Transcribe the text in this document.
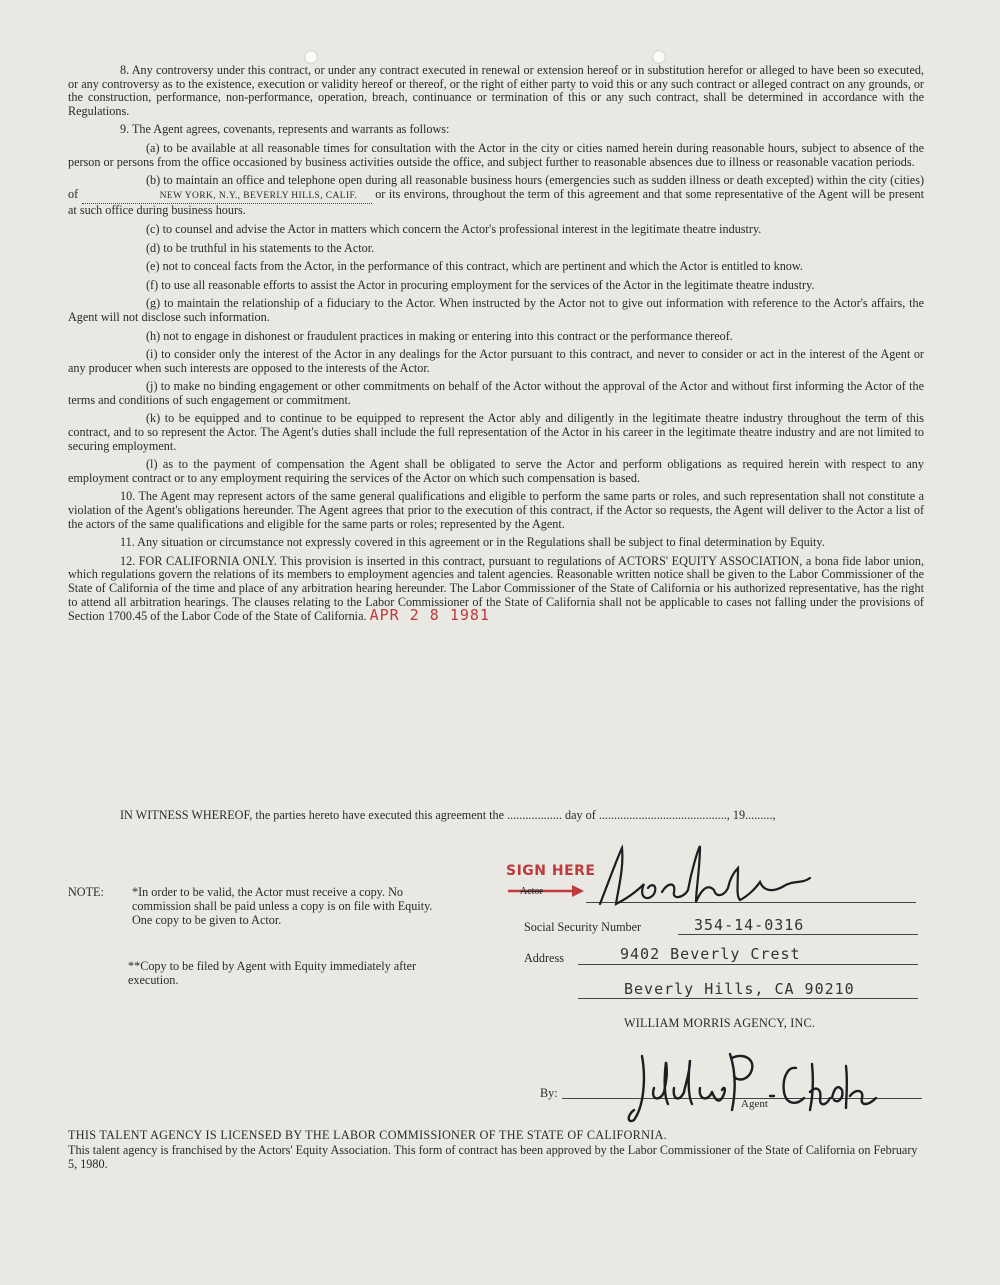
8. Any controversy under this contract, or under any contract executed in renewal or extension hereof or in substitution herefor or alleged to have been so executed, or any controversy as to the existence, execution or validity hereof or thereof, or the right of either party to void this or any such contract or alleged contract on any grounds, or the construction, performance, non-performance, operation, breach, continuance or termination of this or any such contract, shall be determined in accordance with the Regulations.

9. The Agent agrees, covenants, represents and warrants as follows:

(a) to be available at all reasonable times for consultation with the Actor in the city or cities named herein during reasonable hours, subject to absence of the person or persons from the office occasioned by business activities outside the office, and subject further to reasonable absences due to illness or reasonable vacation periods.

(b) to maintain an office and telephone open during all reasonable business hours (emergencies such as sudden illness or death excepted) within the city (cities) of	NEW YORK, N.Y., BEVERLY HILLS, CALIF. or its environs, throughout the term of this agreement and that some representative of the Agent will be present at such office during business hours.

(c) to counsel and advise the Actor in matters which concern the Actor's professional interest in the legitimate theatre industry.

(d) to be truthful in his statements to the Actor.

(e) not to conceal facts from the Actor, in the performance of this contract, which are pertinent and which the Actor is entitled to know.

(f) to use all reasonable efforts to assist the Actor in procuring employment for the services of the Actor in the legitimate theatre industry.

(g) to maintain the relationship of a fiduciary to the Actor. When instructed by the Actor not to give out information with reference to the Actor's affairs, the Agent will not disclose such information.

(h) not to engage in dishonest or fraudulent practices in making or entering into this contract or the performance thereof.

(i) to consider only the interest of the Actor in any dealings for the Actor pursuant to this contract, and never to consider or act in the interest of the Agent or any producer when such interests are opposed to the interests of the Actor.

(j) to make no binding engagement or other commitments on behalf of the Actor without the approval of the Actor and without first informing the Actor of the terms and conditions of such engagement or commitment.

(k) to be equipped and to continue to be equipped to represent the Actor ably and diligently in the legitimate theatre industry throughout the term of this contract, and to so represent the Actor. The Agent's duties shall include the full representation of the Actor in his career in the legitimate theatre industry and are not limited to securing employment.

(l) as to the payment of compensation the Agent shall be obligated to serve the Actor and perform obligations as required herein with respect to any employment contract or to any employment requiring the services of the Actor on which such compensation is based.

10. The Agent may represent actors of the same general qualifications and eligible to perform the same parts or roles, and such representation shall not constitute a violation of the Agent's obligations hereunder. The Agent agrees that prior to the execution of this contract, if the Actor so requests, the Agent will deliver to the Actor a list of the actors of the same qualifications and eligible for the same parts or roles; represented by the Agent.

11. Any situation or circumstance not expressly covered in this agreement or in the Regulations shall be subject to final determination by Equity.

12. FOR CALIFORNIA ONLY. This provision is inserted in this contract, pursuant to regulations of ACTORS' EQUITY ASSOCIATION, a bona fide labor union, which regulations govern the relations of its members to employment agencies and talent agencies. Reasonable written notice shall be given to the Labor Commissioner of the State of California of the time and place of any arbitration hearing hereunder. The Labor Commissioner of the State of California or his authorized representative, has the right to attend all arbitration hearings. The clauses relating to the Labor Commissioner of the State of California shall not be applicable to cases not falling under the provisions of Section 1700.45 of the Labor Code of the State of California. APR 2 8 1981

IN WITNESS WHEREOF, the parties hereto have executed this agreement the .................. day of .........................................., 19.........,
NOTE: *In order to be valid, the Actor must receive a copy. No commission shall be paid unless a copy is on file with Equity. One copy to be given to Actor.
**Copy to be filed by Agent with Equity immediately after execution.
SIGN HERE
Actor
Social Security Number	354-14-0316
Address	9402 Beverly Crest
Beverly Hills, CA 90210
WILLIAM MORRIS AGENCY, INC.
By:
Agent
THIS TALENT AGENCY IS LICENSED BY THE LABOR COMMISSIONER OF THE STATE OF CALIFORNIA.
This talent agency is franchised by the Actors' Equity Association. This form of contract has been approved by the Labor Commissioner of the State of California on February 5, 1980.
